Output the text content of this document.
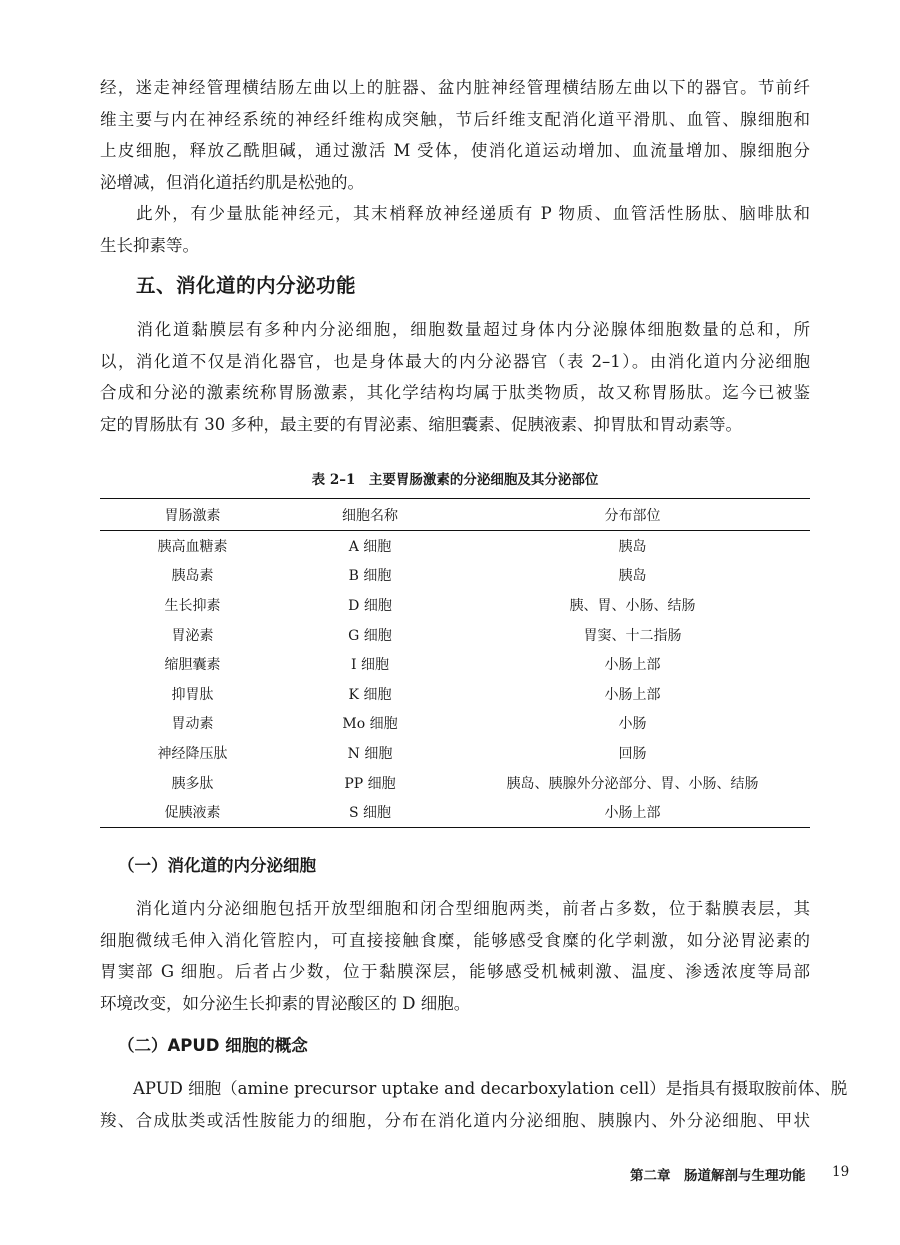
经，迷走神经管理横结肠左曲以上的脏器、盆内脏神经管理横结肠左曲以下的器官。节前纤
维主要与内在神经系统的神经纤维构成突触，节后纤维支配消化道平滑肌、血管、腺细胞和
上皮细胞，释放乙酰胆碱，通过激活 M 受体，使消化道运动增加、血流量增加、腺细胞分
泌增减，但消化道括约肌是松弛的。

　　此外，有少量肽能神经元，其末梢释放神经递质有 P 物质、血管活性肠肽、脑啡肽和
生长抑素等。

五、消化道的内分泌功能

　　消化道黏膜层有多种内分泌细胞，细胞数量超过身体内分泌腺体细胞数量的总和，所
以，消化道不仅是消化器官，也是身体最大的内分泌器官（表 2–1）。由消化道内分泌细胞
合成和分泌的激素统称胃肠激素，其化学结构均属于肽类物质，故又称胃肠肽。迄今已被鉴
定的胃肠肽有 30 多种，最主要的有胃泌素、缩胆囊素、促胰液素、抑胃肽和胃动素等。

表 2–1　主要胃肠激素的分泌细胞及其分泌部位

胃肠激素	细胞名称	分布部位
胰高血糖素	A 细胞	胰岛
胰岛素	B 细胞	胰岛
生长抑素	D 细胞	胰、胃、小肠、结肠
胃泌素	G 细胞	胃窦、十二指肠
缩胆囊素	I 细胞	小肠上部
抑胃肽	K 细胞	小肠上部
胃动素	Mo 细胞	小肠
神经降压肽	N 细胞	回肠
胰多肽	PP 细胞	胰岛、胰腺外分泌部分、胃、小肠、结肠
促胰液素	S 细胞	小肠上部
（一）消化道的内分泌细胞

　　消化道内分泌细胞包括开放型细胞和闭合型细胞两类，前者占多数，位于黏膜表层，其
细胞微绒毛伸入消化管腔内，可直接接触食糜，能够感受食糜的化学刺激，如分泌胃泌素的
胃窦部 G 细胞。后者占少数，位于黏膜深层，能够感受机械刺激、温度、渗透浓度等局部
环境改变，如分泌生长抑素的胃泌酸区的 D 细胞。

（二）APUD 细胞的概念

　　APUD 细胞（amine precursor uptake and decarboxylation cell）是指具有摄取胺前体、脱
羧、合成肽类或活性胺能力的细胞，分布在消化道内分泌细胞、胰腺内、外分泌细胞、甲状

第二章　肠道解剖与生理功能 19
